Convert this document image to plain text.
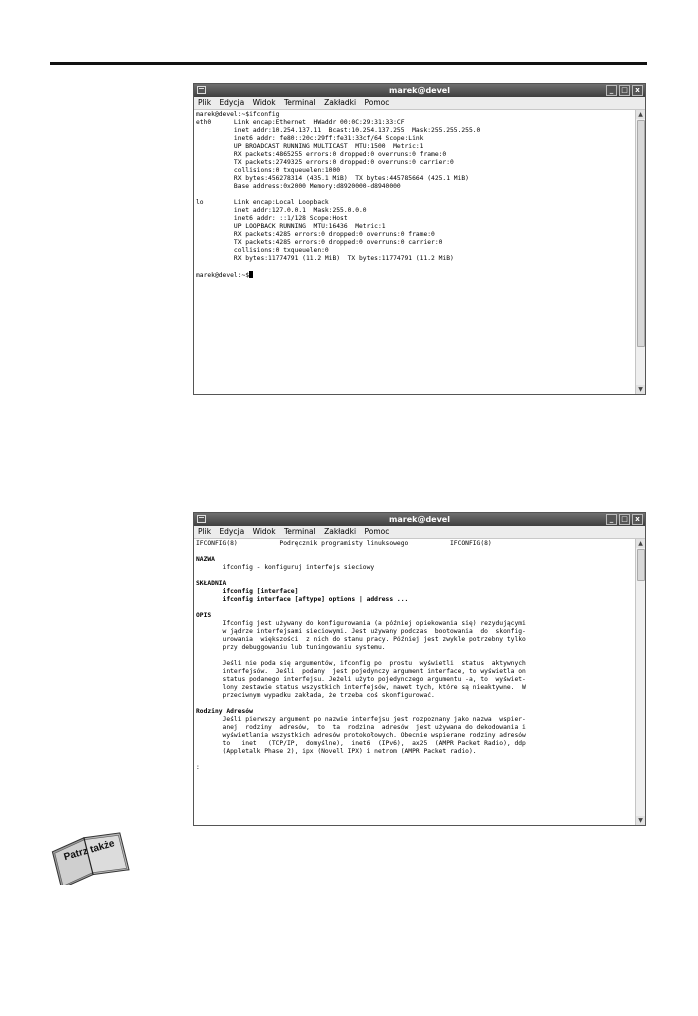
marek@devel	_	□	x
Plik Edycja Widok Terminal Zakładki Pomoc
marek@devel:~$ifconfig
eth0      Link encap:Ethernet  HWaddr 00:0C:29:31:33:CF
inet addr:10.254.137.11  Bcast:10.254.137.255  Mask:255.255.255.0
inet6 addr: fe80::20c:29ff:fe31:33cf/64 Scope:Link
UP BROADCAST RUNNING MULTICAST  MTU:1500  Metric:1
RX packets:4865255 errors:0 dropped:0 overruns:0 frame:0
TX packets:2749325 errors:0 dropped:0 overruns:0 carrier:0
collisions:0 txqueuelen:1000
RX bytes:456278314 (435.1 MiB)  TX bytes:445785664 (425.1 MiB)
Base address:0x2000 Memory:d8920000-d8940000
lo        Link encap:Local Loopback
inet addr:127.0.0.1  Mask:255.0.0.0
inet6 addr: ::1/128 Scope:Host
UP LOOPBACK RUNNING  MTU:16436  Metric:1
RX packets:4285 errors:0 dropped:0 overruns:0 frame:0
TX packets:4285 errors:0 dropped:0 overruns:0 carrier:0
collisions:0 txqueuelen:0
RX bytes:11774791 (11.2 MiB)  TX bytes:11774791 (11.2 MiB)
marek@devel:~$
▲
▼
marek@devel	_	□	x
Plik Edycja Widok Terminal Zakładki Pomoc
IFCONFIG(8)           Podręcznik programisty linuksowego           IFCONFIG(8)
NAZWA
ifconfig - konfiguruj interfejs sieciowy
SKŁADNIA
ifconfig [interface]
ifconfig interface [aftype] options | address ...
OPIS
Ifconfig jest używany do konfigurowania (a później opiekowania się) rezydującymi
w jądrze interfejsami sieciowymi. Jest używany podczas  bootowania  do  skonfig-
urowania  większości  z nich do stanu pracy. Później jest zwykle potrzebny tylko
przy debuggowaniu lub tuningowaniu systemu.
Jeśli nie poda się argumentów, ifconfig po  prostu  wyświetli  status  aktywnych
interfejsów.  Jeśli  podany  jest pojedynczy argument interface, to wyświetla on
status podanego interfejsu. Jeżeli użyto pojedynczego argumentu -a, to  wyświet-
lony zestawie status wszystkich interfejsów, nawet tych, które są nieaktywne.  W
przeciwnym wypadku zakłada, że trzeba coś skonfigurować.
Rodziny Adresów
Jeśli pierwszy argument po nazwie interfejsu jest rozpoznany jako nazwa  wspier-
anej  rodziny  adresów,  to  ta  rodzina  adresów  jest używana do dekodowania i
wyświetlania wszystkich adresów protokołowych. Obecnie wspierane rodziny adresów
to   inet   (TCP/IP,  domyślne),  inet6  (IPv6),  ax25  (AMPR Packet Radio), ddp
(Appletalk Phase 2), ipx (Novell IPX) i netrom (AMPR Packet radio).
:
▲
▼
Patrz także
